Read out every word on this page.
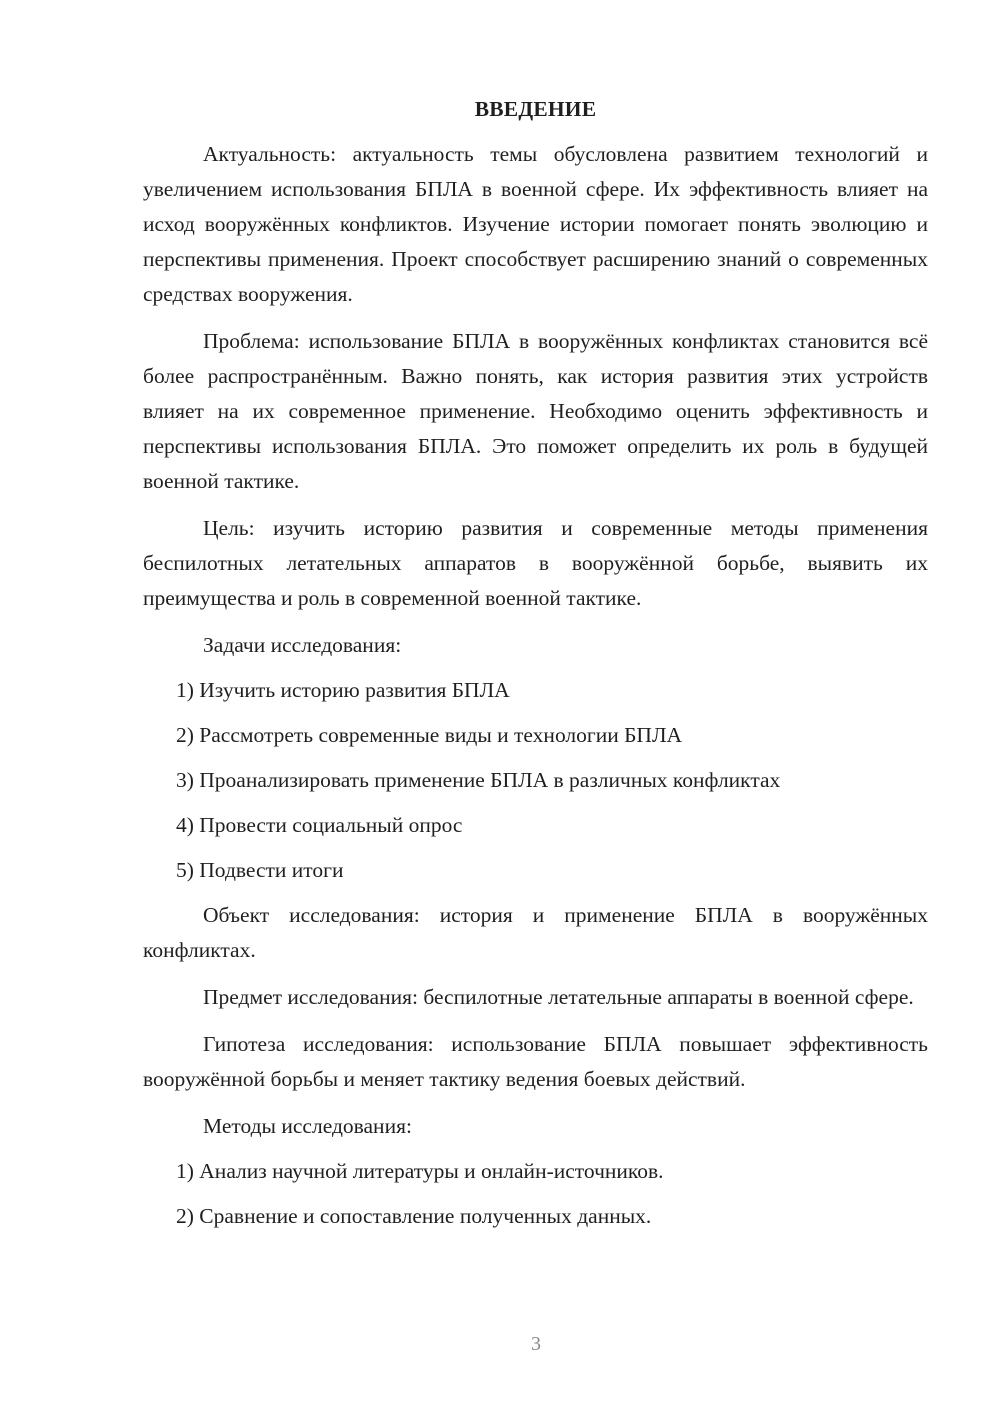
ВВЕДЕНИЕ

Актуальность: актуальность темы обусловлена развитием технологий и увеличением использования БПЛА в военной сфере. Их эффективность влияет на исход вооружённых конфликтов. Изучение истории помогает понять эволюцию и перспективы применения. Проект способствует расширению знаний о современных средствах вооружения.

Проблема: использование БПЛА в вооружённых конфликтах становится всё более распространённым. Важно понять, как история развития этих устройств влияет на их современное применение. Необходимо оценить эффективность и перспективы использования БПЛА. Это поможет определить их роль в будущей военной тактике.

Цель: изучить историю развития и современные методы применения беспилотных летательных аппаратов в вооружённой борьбе, выявить их преимущества и роль в современной военной тактике.

Задачи исследования:
1) Изучить историю развития БПЛА
2) Рассмотреть современные виды и технологии БПЛА
3) Проанализировать применение БПЛА в различных конфликтах
4) Провести социальный опрос
5) Подвести итоги

Объект исследования: история и применение БПЛА в вооружённых конфликтах.

Предмет исследования: беспилотные летательные аппараты в военной сфере.

Гипотеза исследования: использование БПЛА повышает эффективность вооружённой борьбы и меняет тактику ведения боевых действий.

Методы исследования:
1) Анализ научной литературы и онлайн-источников.
2) Сравнение и сопоставление полученных данных.
3
